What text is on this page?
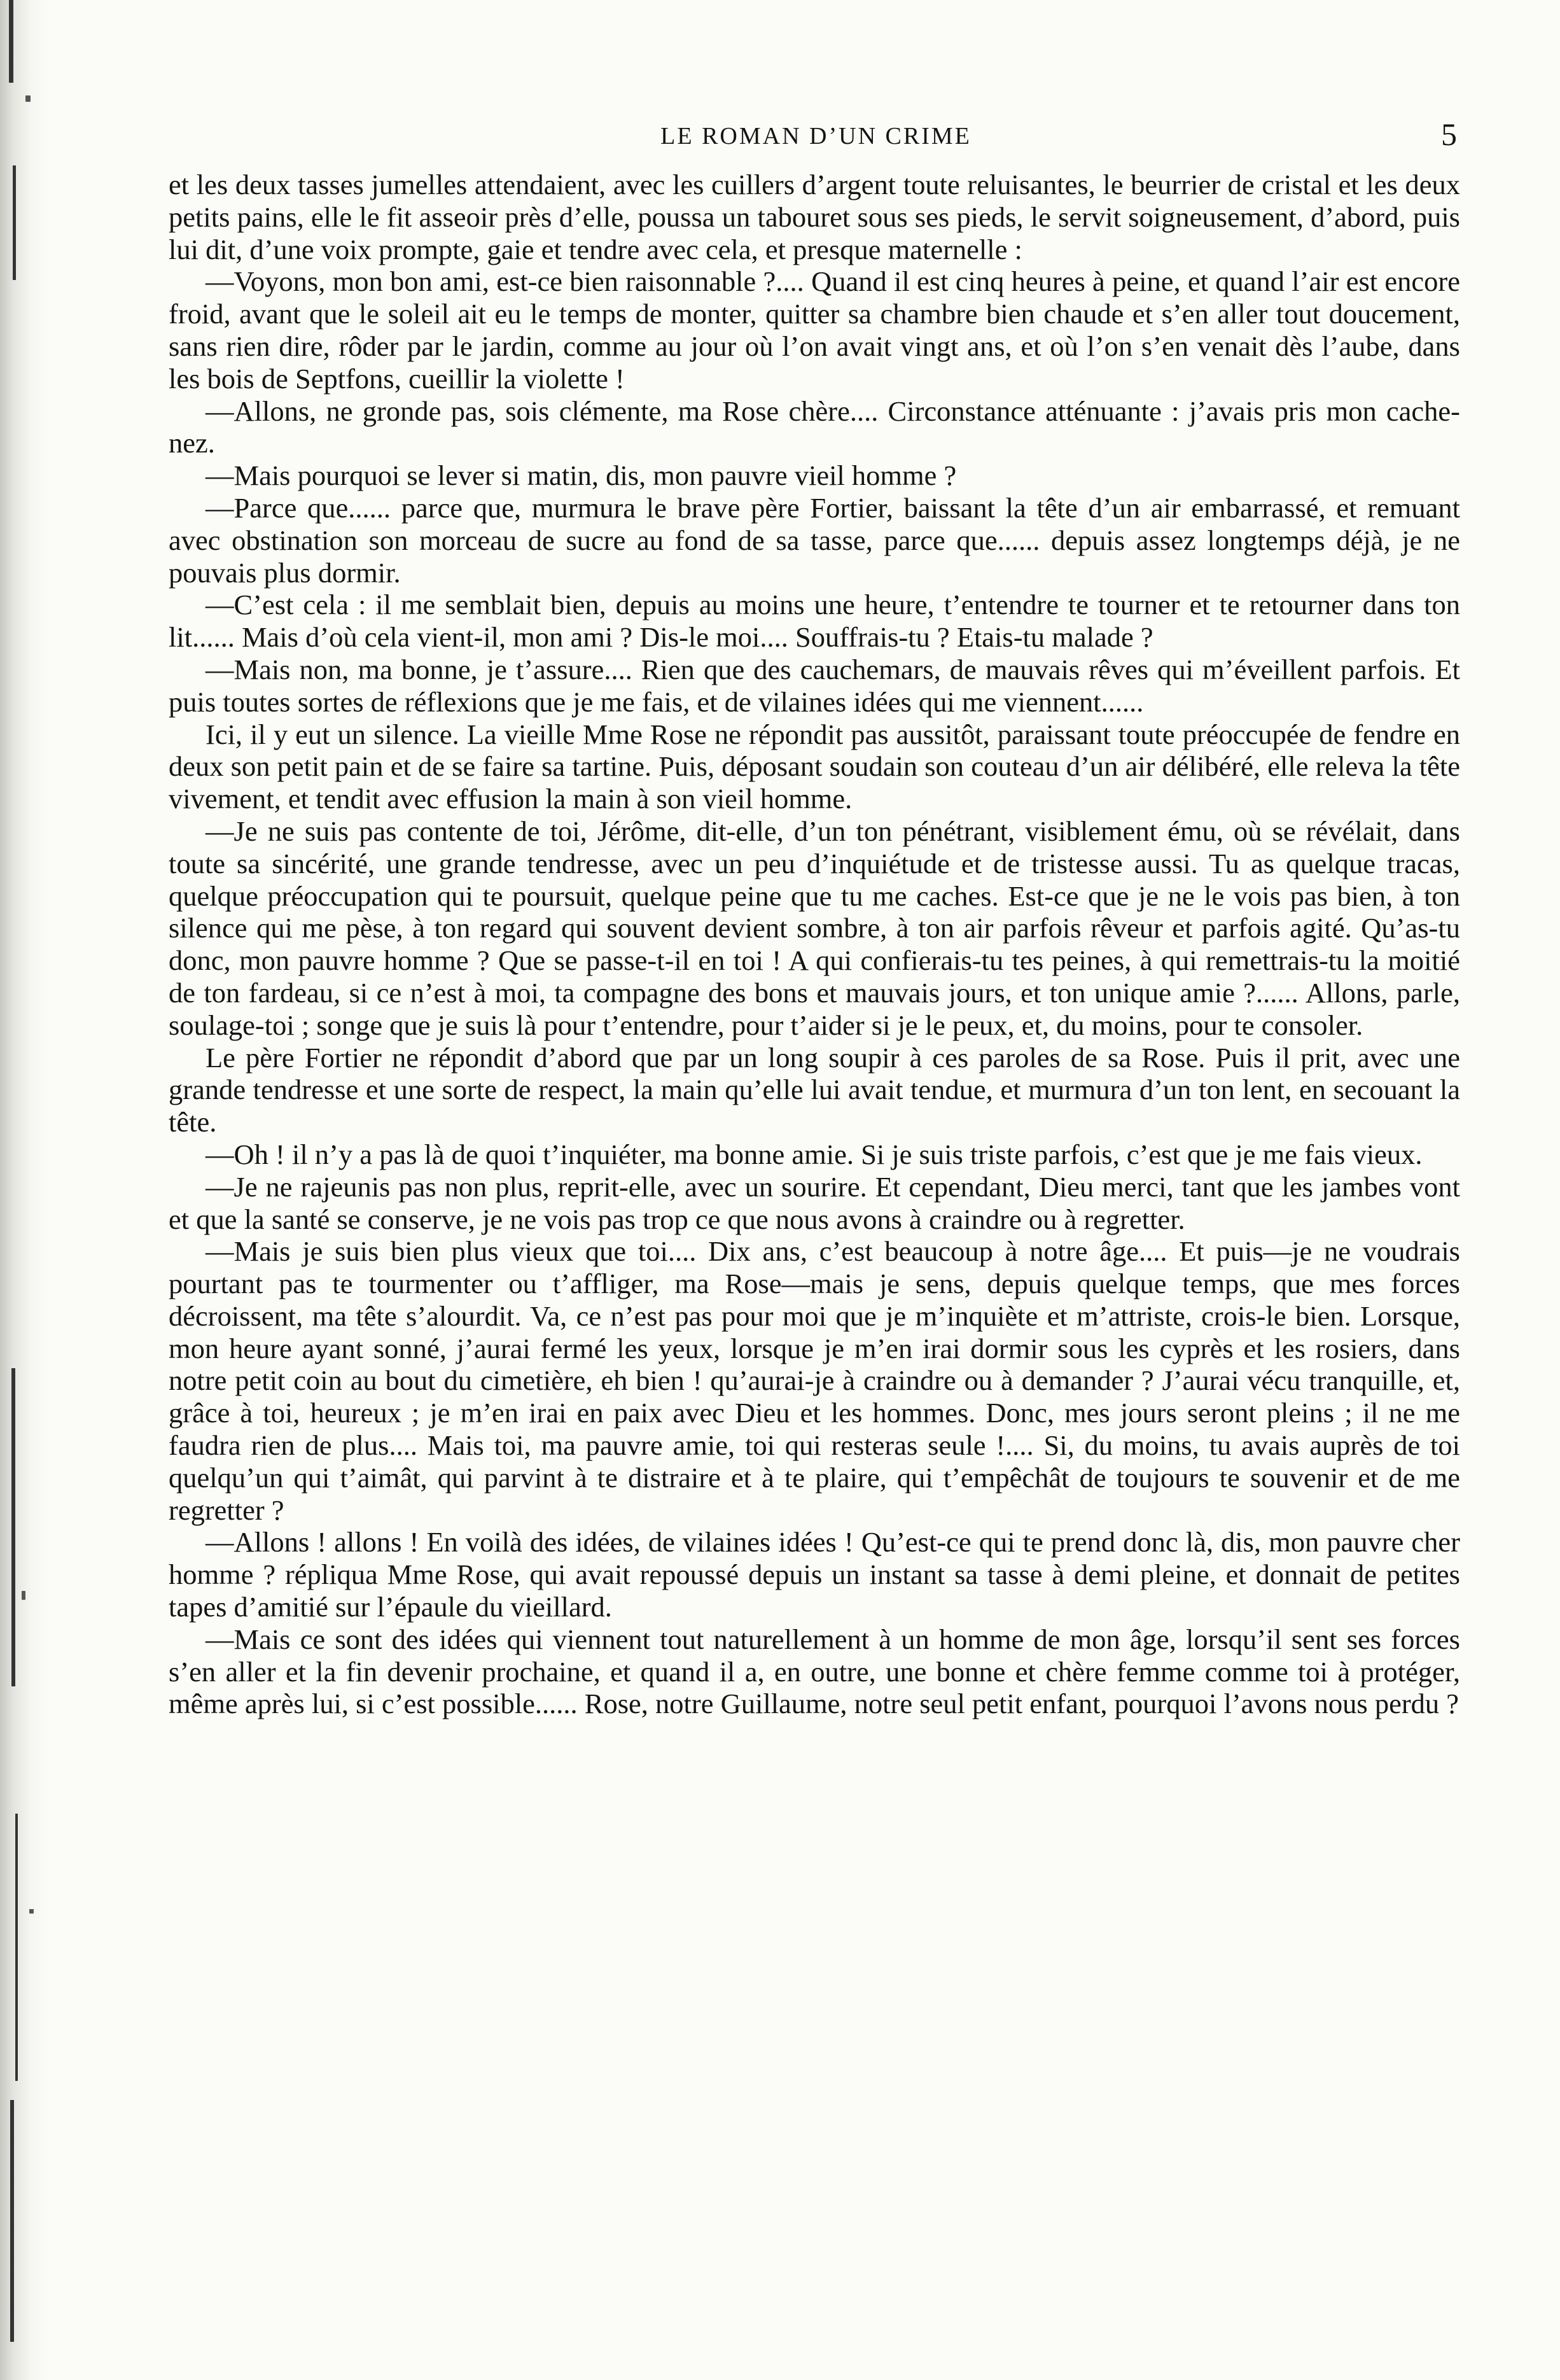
LE ROMAN D’UN CRIME	5

et les deux tasses jumelles attendaient, avec les cuillers d’argent toute reluisantes, le beurrier de cristal et les deux petits pains, elle le fit asseoir près d’elle, poussa un tabouret sous ses pieds, le servit soigneusement, d’abord, puis lui dit, d’une voix prompte, gaie et tendre avec cela, et presque maternelle :

—Voyons, mon bon ami, est-ce bien raisonnable ?.... Quand il est cinq heures à peine, et quand l’air est encore froid, avant que le soleil ait eu le temps de monter, quitter sa chambre bien chaude et s’en aller tout doucement, sans rien dire, rôder par le jardin, comme au jour où l’on avait vingt ans, et où l’on s’en venait dès l’aube, dans les bois de Septfons, cueillir la violette !

—Allons, ne gronde pas, sois clémente, ma Rose chère.... Circonstance atténuante : j’avais pris mon cache-nez.

—Mais pourquoi se lever si matin, dis, mon pauvre vieil homme ?

—Parce que...... parce que, murmura le brave père Fortier, baissant la tête d’un air embarrassé, et remuant avec obstination son morceau de sucre au fond de sa tasse, parce que...... depuis assez longtemps déjà, je ne pouvais plus dormir.

—C’est cela : il me semblait bien, depuis au moins une heure, t’entendre te tourner et te retourner dans ton lit...... Mais d’où cela vient-il, mon ami ? Dis-le moi.... Souffrais-tu ? Etais-tu malade ?

—Mais non, ma bonne, je t’assure.... Rien que des cauchemars, de mauvais rêves qui m’éveillent parfois. Et puis toutes sortes de réflexions que je me fais, et de vilaines idées qui me viennent......

Ici, il y eut un silence. La vieille Mme Rose ne répondit pas aussitôt, paraissant toute préoccupée de fendre en deux son petit pain et de se faire sa tartine. Puis, déposant soudain son couteau d’un air délibéré, elle releva la tête vivement, et tendit avec effusion la main à son vieil homme.

—Je ne suis pas contente de toi, Jérôme, dit-elle, d’un ton pénétrant, visiblement ému, où se révélait, dans toute sa sincérité, une grande tendresse, avec un peu d’inquiétude et de tristesse aussi. Tu as quelque tracas, quelque préoccupation qui te poursuit, quelque peine que tu me caches. Est-ce que je ne le vois pas bien, à ton silence qui me pèse, à ton regard qui souvent devient sombre, à ton air parfois rêveur et parfois agité. Qu’as-tu donc, mon pauvre homme ? Que se passe-t-il en toi ! A qui confierais-tu tes peines, à qui remettrais-tu la moitié de ton fardeau, si ce n’est à moi, ta compagne des bons et mauvais jours, et ton unique amie ?...... Allons, parle, soulage-toi ; songe que je suis là pour t’entendre, pour t’aider si je le peux, et, du moins, pour te consoler.

Le père Fortier ne répondit d’abord que par un long soupir à ces paroles de sa Rose. Puis il prit, avec une grande tendresse et une sorte de respect, la main qu’elle lui avait tendue, et murmura d’un ton lent, en secouant la tête.

—Oh ! il n’y a pas là de quoi t’inquiéter, ma bonne amie. Si je suis triste parfois, c’est que je me fais vieux.

—Je ne rajeunis pas non plus, reprit-elle, avec un sourire. Et cependant, Dieu merci, tant que les jambes vont et que la santé se conserve, je ne vois pas trop ce que nous avons à craindre ou à regretter.

—Mais je suis bien plus vieux que toi.... Dix ans, c’est beaucoup à notre âge.... Et puis—je ne voudrais pourtant pas te tourmenter ou t’affliger, ma Rose—mais je sens, depuis quelque temps, que mes forces décroissent, ma tête s’alourdit. Va, ce n’est pas pour moi que je m’inquiète et m’attriste, crois-le bien. Lorsque, mon heure ayant sonné, j’aurai fermé les yeux, lorsque je m’en irai dormir sous les cyprès et les rosiers, dans notre petit coin au bout du cimetière, eh bien ! qu’aurai-je à craindre ou à demander ? J’aurai vécu tranquille, et, grâce à toi, heureux ; je m’en irai en paix avec Dieu et les hommes. Donc, mes jours seront pleins ; il ne me faudra rien de plus.... Mais toi, ma pauvre amie, toi qui resteras seule !.... Si, du moins, tu avais auprès de toi quelqu’un qui t’aimât, qui parvint à te distraire et à te plaire, qui t’empêchât de toujours te souvenir et de me regretter ?

—Allons ! allons ! En voilà des idées, de vilaines idées ! Qu’est-ce qui te prend donc là, dis, mon pauvre cher homme ? répliqua Mme Rose, qui avait repoussé depuis un instant sa tasse à demi pleine, et donnait de petites tapes d’amitié sur l’épaule du vieillard.

—Mais ce sont des idées qui viennent tout naturellement à un homme de mon âge, lorsqu’il sent ses forces s’en aller et la fin devenir prochaine, et quand il a, en outre, une bonne et chère femme comme toi à protéger, même après lui, si c’est possible...... Rose, notre Guillaume, notre seul petit enfant, pourquoi l’avons nous perdu ?
